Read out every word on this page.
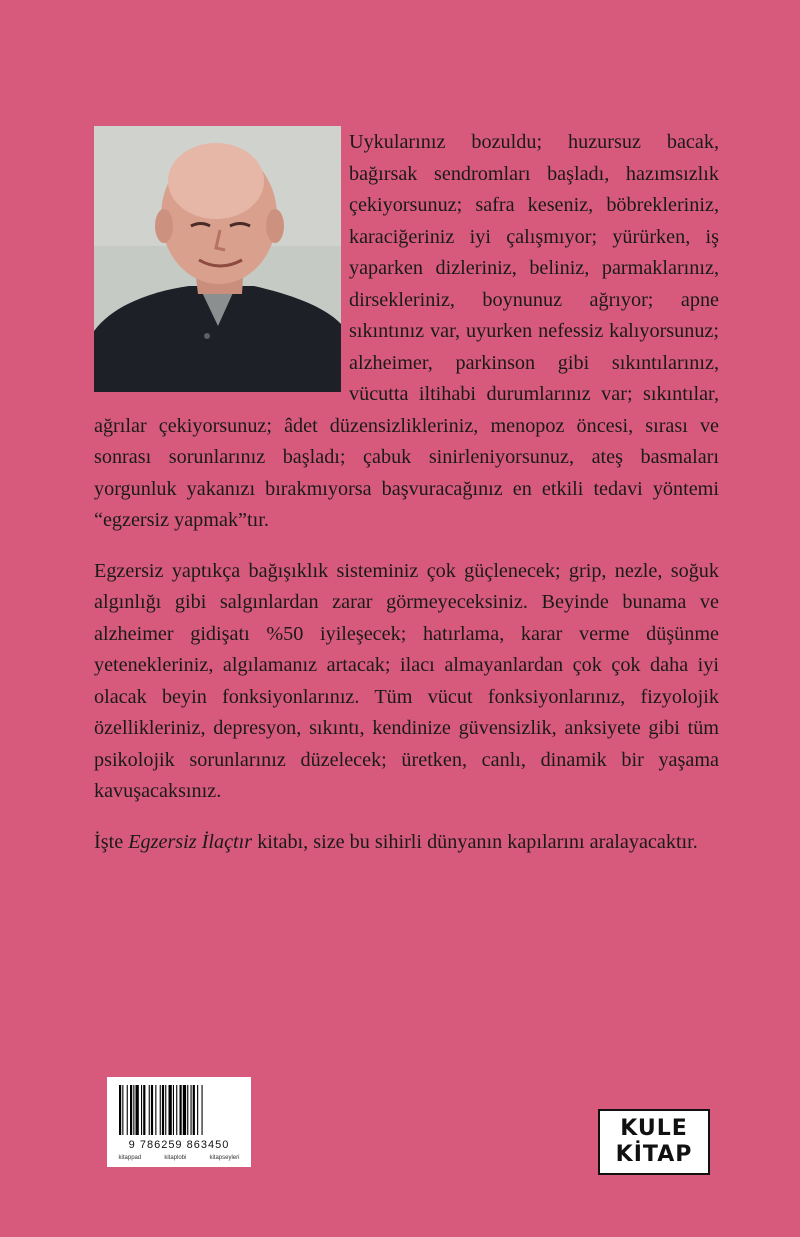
Uykularınız bozuldu; huzursuz bacak, bağırsak sendromları başladı, hazımsızlık çekiyorsunuz; safra keseniz, böbrekleriniz, karaciğeriniz iyi çalışmıyor; yürürken, iş yaparken dizleriniz, beliniz, parmaklarınız, dirsekleriniz, boynunuz ağrıyor; apne sıkıntınız var, uyurken nefessiz kalıyorsunuz; alzheimer, parkinson gibi sıkıntılarınız, vücutta iltihabi durumlarınız var; sıkıntılar, ağrılar çekiyorsunuz; âdet düzensizlikleriniz, menopoz öncesi, sırası ve sonrası sorunlarınız başladı; çabuk sinirleniyorsunuz, ateş basmaları yorgunluk yakanızı bırakmıyorsa başvuracağınız en etkili tedavi yöntemi “egzersiz yapmak”tır.

Egzersiz yaptıkça bağışıklık sisteminiz çok güçlenecek; grip, nezle, soğuk algınlığı gibi salgınlardan zarar görmeyeceksiniz. Beyinde bunama ve alzheimer gidişatı %50 iyileşecek; hatırlama, karar verme düşünme yetenekleriniz, algılamanız artacak; ilacı almayanlardan çok çok daha iyi olacak beyin fonksiyonlarınız. Tüm vücut fonksiyonlarınız, fizyolojik özellikleriniz, depresyon, sıkıntı, kendinize güvensizlik, anksiyete gibi tüm psikolojik sorunlarınız düzelecek; üretken, canlı, dinamik bir yaşama kavuşacaksınız.

İşte Egzersiz İlaçtır kitabı, size bu sihirli dünyanın kapılarını aralayacaktır.

9 786259 863450
kitappad	kitaplobi	kitapseyleri
KULE
KİTAP
